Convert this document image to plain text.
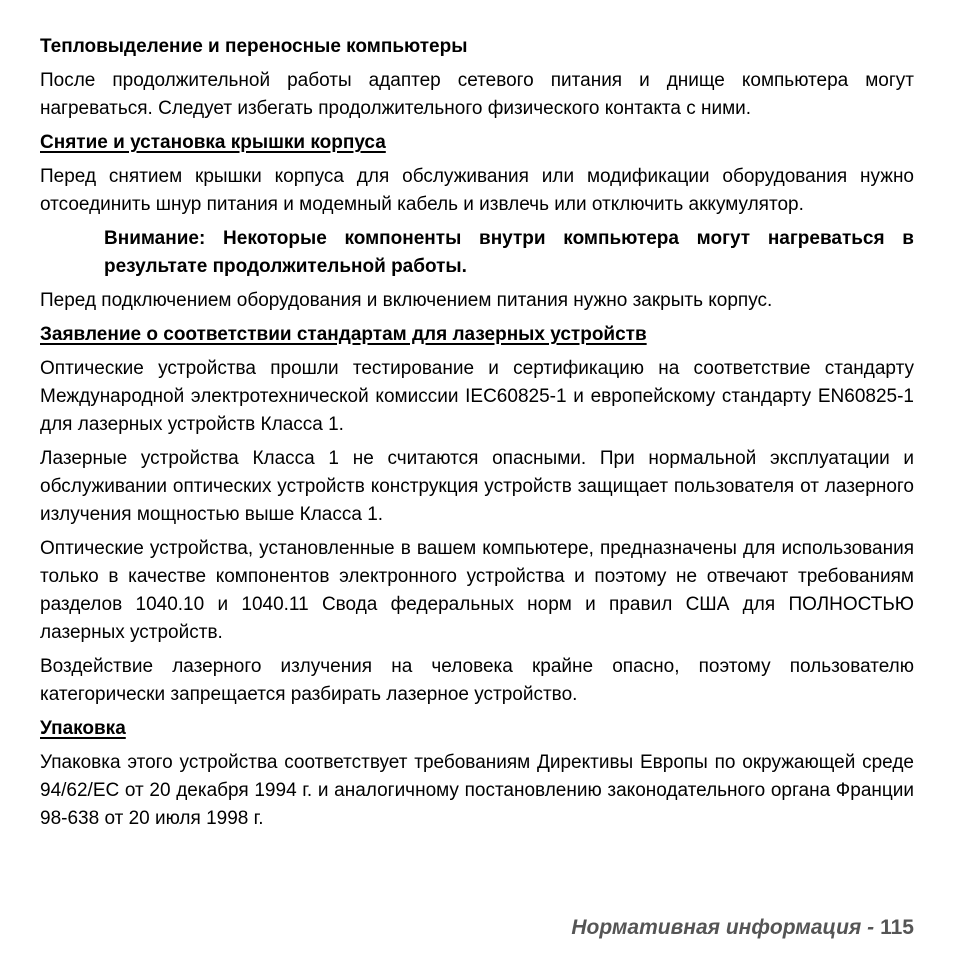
Тепловыделение и переносные компьютеры

После продолжительной работы адаптер сетевого питания и днище компьютера могут нагреваться. Следует избегать продолжительного физического контакта с ними.

Снятие и установка крышки корпуса

Перед снятием крышки корпуса для обслуживания или модификации оборудования нужно отсоединить шнур питания и модемный кабель и извлечь или отключить аккумулятор.

Внимание: Некоторые компоненты внутри компьютера могут нагреваться в результате продолжительной работы.

Перед подключением оборудования и включением питания нужно закрыть корпус.

Заявление о соответствии стандартам для лазерных устройств

Оптические устройства прошли тестирование и сертификацию на соответствие стандарту Международной электротехнической комиссии IEC60825-1 и европейскому стандарту EN60825-1 для лазерных устройств Класса 1.

Лазерные устройства Класса 1 не считаются опасными. При нормальной эксплуатации и обслуживании оптических устройств конструкция устройств защищает пользователя от лазерного излучения мощностью выше Класса 1.

Оптические устройства, установленные в вашем компьютере, предназначены для использования только в качестве компонентов электронного устройства и поэтому не отвечают требованиям разделов 1040.10 и 1040.11 Свода федеральных норм и правил США для ПОЛНОСТЬЮ лазерных устройств.

Воздействие лазерного излучения на человека крайне опасно, поэтому пользователю категорически запрещается разбирать лазерное устройство.

Упаковка

Упаковка этого устройства соответствует требованиям Директивы Европы по окружающей среде 94/62/EC от 20 декабря 1994 г. и аналогичному постановлению законодательного органа Франции 98-638 от 20 июля 1998 г.

Нормативная информация - 115
